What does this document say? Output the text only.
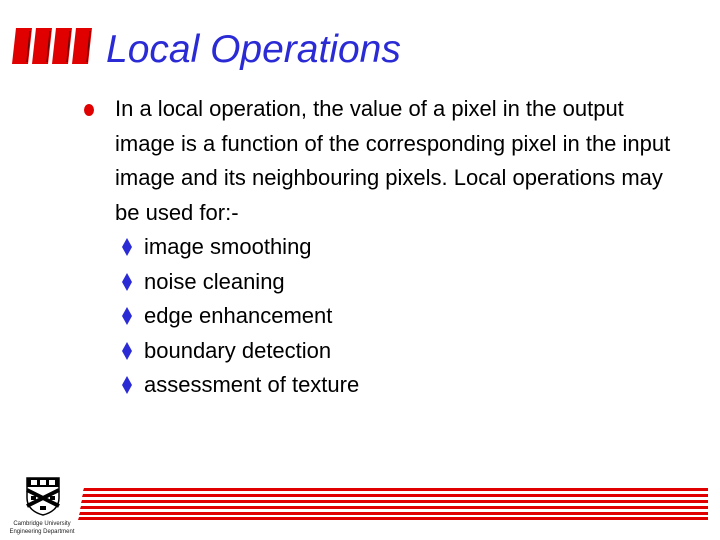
Local Operations
In a local operation, the value of a pixel in the output image is a function of the corresponding pixel in the input image and its neighbouring pixels. Local operations may be used for:-
image smoothing
noise cleaning
edge enhancement
boundary detection
assessment of texture
Cambridge University
Engineering Department
